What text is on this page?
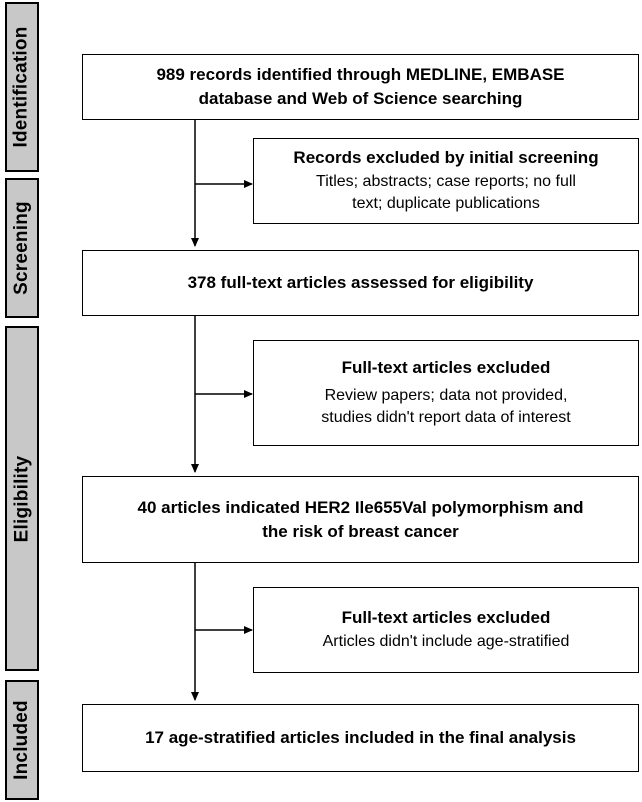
Identification
Screening
Eligibility
Included
989 records identified through MEDLINE, EMBASE
database and Web of Science searching
378 full-text articles assessed for eligibility
40 articles indicated HER2 Ile655Val polymorphism and
the risk of breast cancer
17 age-stratified articles included in the final analysis
Records excluded by initial screening
Titles; abstracts; case reports; no full
text; duplicate publications
Full-text articles excluded
Review papers; data not provided,
studies didn't report data of interest
Full-text articles excluded
Articles didn't include age-stratified
